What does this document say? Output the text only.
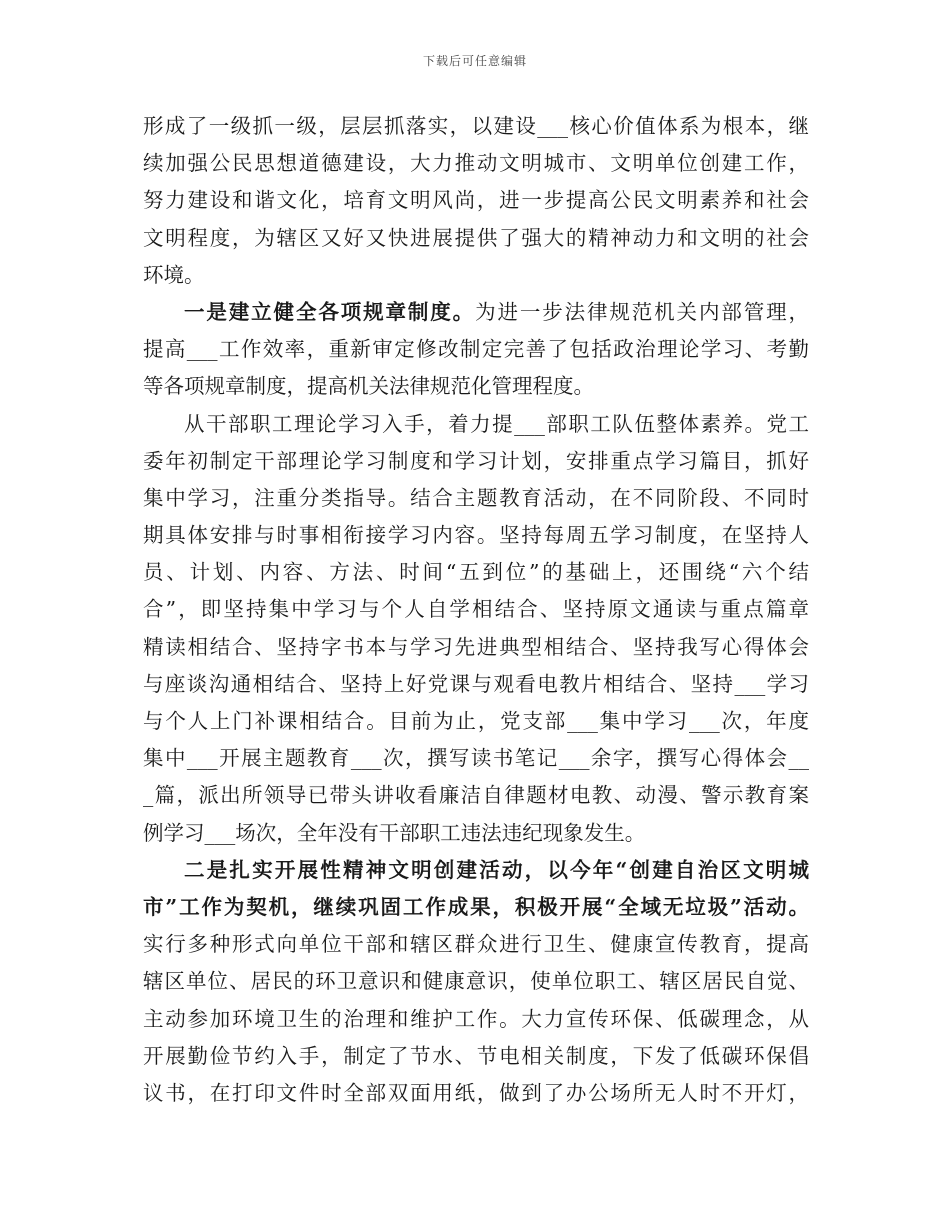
下载后可任意编辑
形成了一级抓一级，层层抓落实，以建设___核心价值体系为根本，继
续加强公民思想道德建设，大力推动文明城市、文明单位创建工作，
努力建设和谐文化，培育文明风尚，进一步提高公民文明素养和社会
文明程度，为辖区又好又快进展提供了强大的精神动力和文明的社会
环境。
一是建立健全各项规章制度。为进一步法律规范机关内部管理，
提高___工作效率，重新审定修改制定完善了包括政治理论学习、考勤
等各项规章制度，提高机关法律规范化管理程度。
从干部职工理论学习入手，着力提___部职工队伍整体素养。党工
委年初制定干部理论学习制度和学习计划，安排重点学习篇目，抓好
集中学习，注重分类指导。结合主题教育活动，在不同阶段、不同时
期具体安排与时事相衔接学习内容。坚持每周五学习制度，在坚持人
员、计划、内容、方法、时间“五到位”的基础上，还围绕“六个结
合”，即坚持集中学习与个人自学相结合、坚持原文通读与重点篇章
精读相结合、坚持字书本与学习先进典型相结合、坚持我写心得体会
与座谈沟通相结合、坚持上好党课与观看电教片相结合、坚持___学习
与个人上门补课相结合。目前为止，党支部___集中学习___次，年度
集中___开展主题教育___次，撰写读书笔记___余字，撰写心得体会__
_篇，派出所领导已带头讲收看廉洁自律题材电教、动漫、警示教育案
例学习___场次，全年没有干部职工违法违纪现象发生。
二是扎实开展性精神文明创建活动，以今年“创建自治区文明城
市”工作为契机，继续巩固工作成果，积极开展“全域无垃圾”活动。
实行多种形式向单位干部和辖区群众进行卫生、健康宣传教育，提高
辖区单位、居民的环卫意识和健康意识，使单位职工、辖区居民自觉、
主动参加环境卫生的治理和维护工作。大力宣传环保、低碳理念，从
开展勤俭节约入手，制定了节水、节电相关制度，下发了低碳环保倡
议书，在打印文件时全部双面用纸，做到了办公场所无人时不开灯，
